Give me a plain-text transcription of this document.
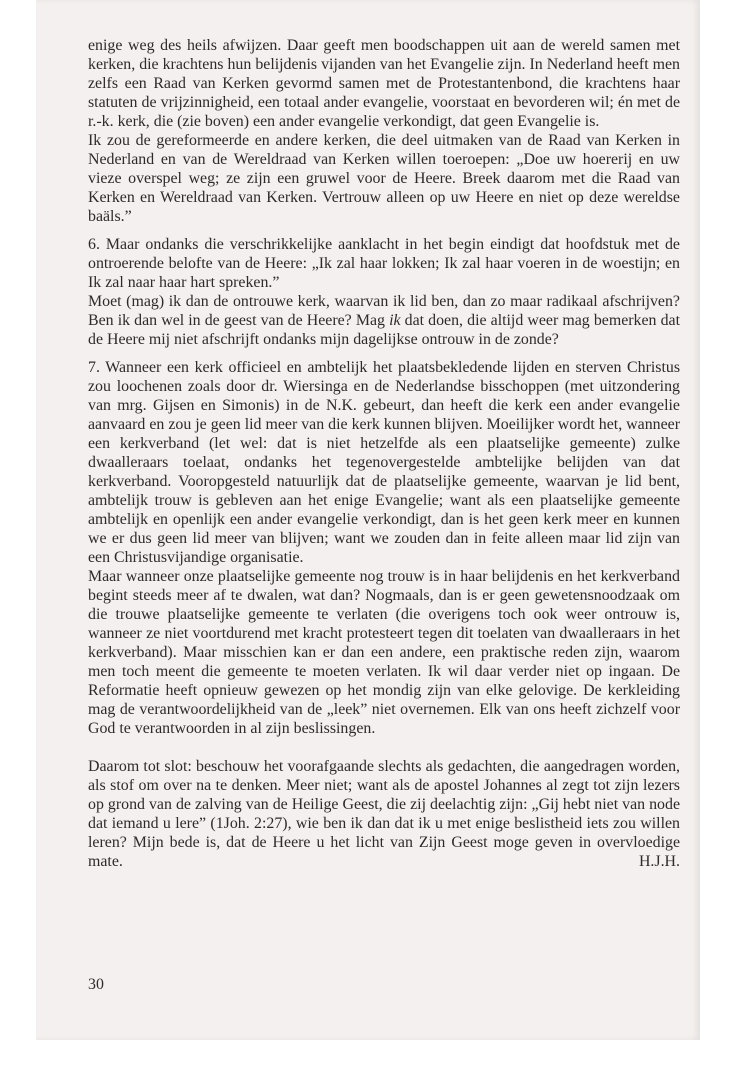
enige weg des heils afwijzen. Daar geeft men boodschappen uit aan de wereld samen met kerken, die krachtens hun belijdenis vijanden van het Evangelie zijn. In Nederland heeft men zelfs een Raad van Kerken gevormd samen met de Protestantenbond, die krachtens haar statuten de vrijzinnigheid, een totaal ander evangelie, voorstaat en bevorderen wil; én met de r.-k. kerk, die (zie boven) een ander evangelie verkondigt, dat geen Evangelie is.

Ik zou de gereformeerde en andere kerken, die deel uitmaken van de Raad van Kerken in Nederland en van de Wereldraad van Kerken willen toeroepen: „Doe uw hoererij en uw vieze overspel weg; ze zijn een gruwel voor de Heere. Breek daarom met die Raad van Kerken en Wereldraad van Kerken. Vertrouw alleen op uw Heere en niet op deze wereldse baäls.”

6. Maar ondanks die verschrikkelijke aanklacht in het begin eindigt dat hoofdstuk met de ontroerende belofte van de Heere: „Ik zal haar lokken; Ik zal haar voeren in de woestijn; en Ik zal naar haar hart spreken.”

Moet (mag) ik dan de ontrouwe kerk, waarvan ik lid ben, dan zo maar radikaal afschrijven? Ben ik dan wel in de geest van de Heere? Mag ik dat doen, die altijd weer mag bemerken dat de Heere mij niet afschrijft ondanks mijn dagelijkse ontrouw in de zonde?

7. Wanneer een kerk officieel en ambtelijk het plaatsbekledende lijden en sterven Christus zou loochenen zoals door dr. Wiersinga en de Nederlandse bisschoppen (met uitzondering van mrg. Gijsen en Simonis) in de N.K. gebeurt, dan heeft die kerk een ander evangelie aanvaard en zou je geen lid meer van die kerk kunnen blijven. Moeilijker wordt het, wanneer een kerkverband (let wel: dat is niet hetzelfde als een plaatselijke gemeente) zulke dwaalleraars toelaat, ondanks het tegenovergestelde ambtelijke belijden van dat kerkverband. Vooropgesteld natuurlijk dat de plaatselijke gemeente, waarvan je lid bent, ambtelijk trouw is gebleven aan het enige Evangelie; want als een plaatselijke gemeente ambtelijk en openlijk een ander evangelie verkondigt, dan is het geen kerk meer en kunnen we er dus geen lid meer van blijven; want we zouden dan in feite alleen maar lid zijn van een Christusvijandige organisatie.

Maar wanneer onze plaatselijke gemeente nog trouw is in haar belijdenis en het kerkverband begint steeds meer af te dwalen, wat dan? Nogmaals, dan is er geen gewetensnoodzaak om die trouwe plaatselijke gemeente te verlaten (die overigens toch ook weer ontrouw is, wanneer ze niet voortdurend met kracht protesteert tegen dit toelaten van dwaalleraars in het kerkverband). Maar misschien kan er dan een andere, een praktische reden zijn, waarom men toch meent die gemeente te moeten verlaten. Ik wil daar verder niet op ingaan. De Reformatie heeft opnieuw gewezen op het mondig zijn van elke gelovige. De kerkleiding mag de verantwoordelijkheid van de „leek” niet overnemen. Elk van ons heeft zichzelf voor God te verantwoorden in al zijn beslissingen.

Daarom tot slot: beschouw het voorafgaande slechts als gedachten, die aangedragen worden, als stof om over na te denken. Meer niet; want als de apostel Johannes al zegt tot zijn lezers op grond van de zalving van de Heilige Geest, die zij deelachtig zijn: „Gij hebt niet van node dat iemand u lere” (1Joh. 2:27), wie ben ik dan dat ik u met enige beslistheid iets zou willen leren? Mijn bede is, dat de Heere u het licht van Zijn Geest moge geven in overvloedige mate.	H.J.H.

30
